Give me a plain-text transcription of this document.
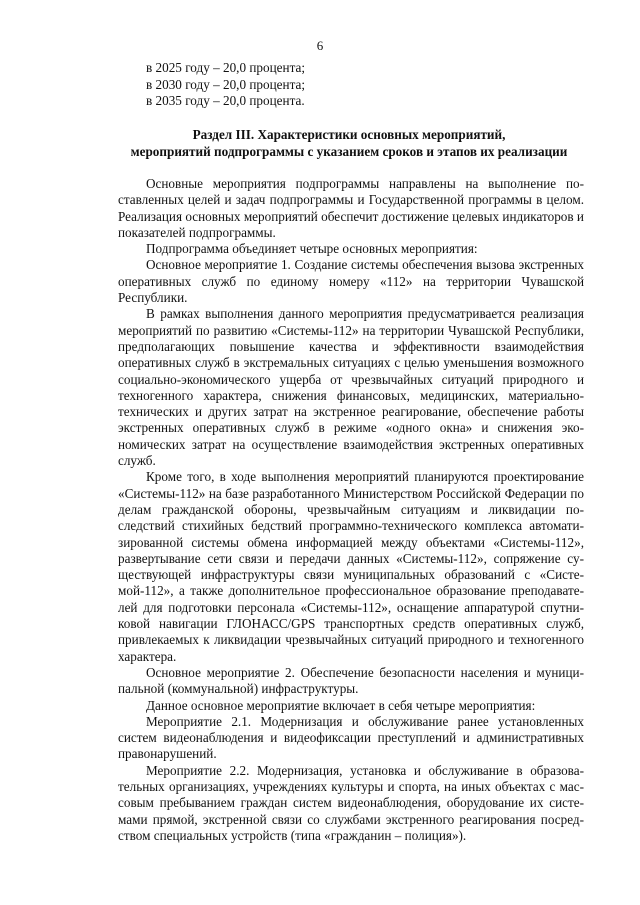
6
в 2025 году – 20,0 процента;
в 2030 году – 20,0 процента;
в 2035 году – 20,0 процента.
Раздел III. Характеристики основных мероприятий,
мероприятий подпрограммы с указанием сроков и этапов их реализации

Основные мероприятия подпрограммы направлены на выполнение поставленных целей и задач подпрограммы и Государственной программы в целом. Реализация основных мероприятий обеспечит достижение целевых индикаторов и показателей подпрограммы.

Подпрограмма объединяет четыре основных мероприятия:

Основное мероприятие 1. Создание системы обеспечения вызова экстренных оперативных служб по единому номеру «112» на территории Чувашской Республики.

В рамках выполнения данного мероприятия предусматривается реализация мероприятий по развитию «Системы-112» на территории Чувашской Республики, предполагающих повышение качества и эффективности взаимодействия оперативных служб в экстремальных ситуациях с целью уменьшения возможного социально-экономического ущерба от чрезвычайных ситуаций природного и техногенного характера, снижения финансовых, медицинских, материально-технических и других затрат на экстренное реагирование, обеспечение работы экстренных оперативных служб в режиме «одного окна» и снижения экономических затрат на осуществление взаимодействия экстренных оперативных служб.

Кроме того, в ходе выполнения мероприятий планируются проектирование «Системы-112» на базе разработанного Министерством Российской Федерации по делам гражданской обороны, чрезвычайным ситуациям и ликвидации последствий стихийных бедствий программно-технического комплекса автоматизированной системы обмена информацией между объектами «Системы-112», развертывание сети связи и передачи данных «Системы-112», сопряжение существующей инфраструктуры связи муниципальных образований с «Системой-112», а также дополнительное профессиональное образование преподавателей для подготовки персонала «Системы-112», оснащение аппаратурой спутниковой навигации ГЛОНАСС/GPS транспортных средств оперативных служб, привлекаемых к ликвидации чрезвычайных ситуаций природного и техногенного характера.

Основное мероприятие 2. Обеспечение безопасности населения и муниципальной (коммунальной) инфраструктуры.

Данное основное мероприятие включает в себя четыре мероприятия:

Мероприятие 2.1. Модернизация и обслуживание ранее установленных систем видеонаблюдения и видеофиксации преступлений и административных правонарушений.

Мероприятие 2.2. Модернизация, установка и обслуживание в образовательных организациях, учреждениях культуры и спорта, на иных объектах с массовым пребыванием граждан систем видеонаблюдения, оборудование их системами прямой, экстренной связи со службами экстренного реагирования посредством специальных устройств (типа «гражданин – полиция»).
